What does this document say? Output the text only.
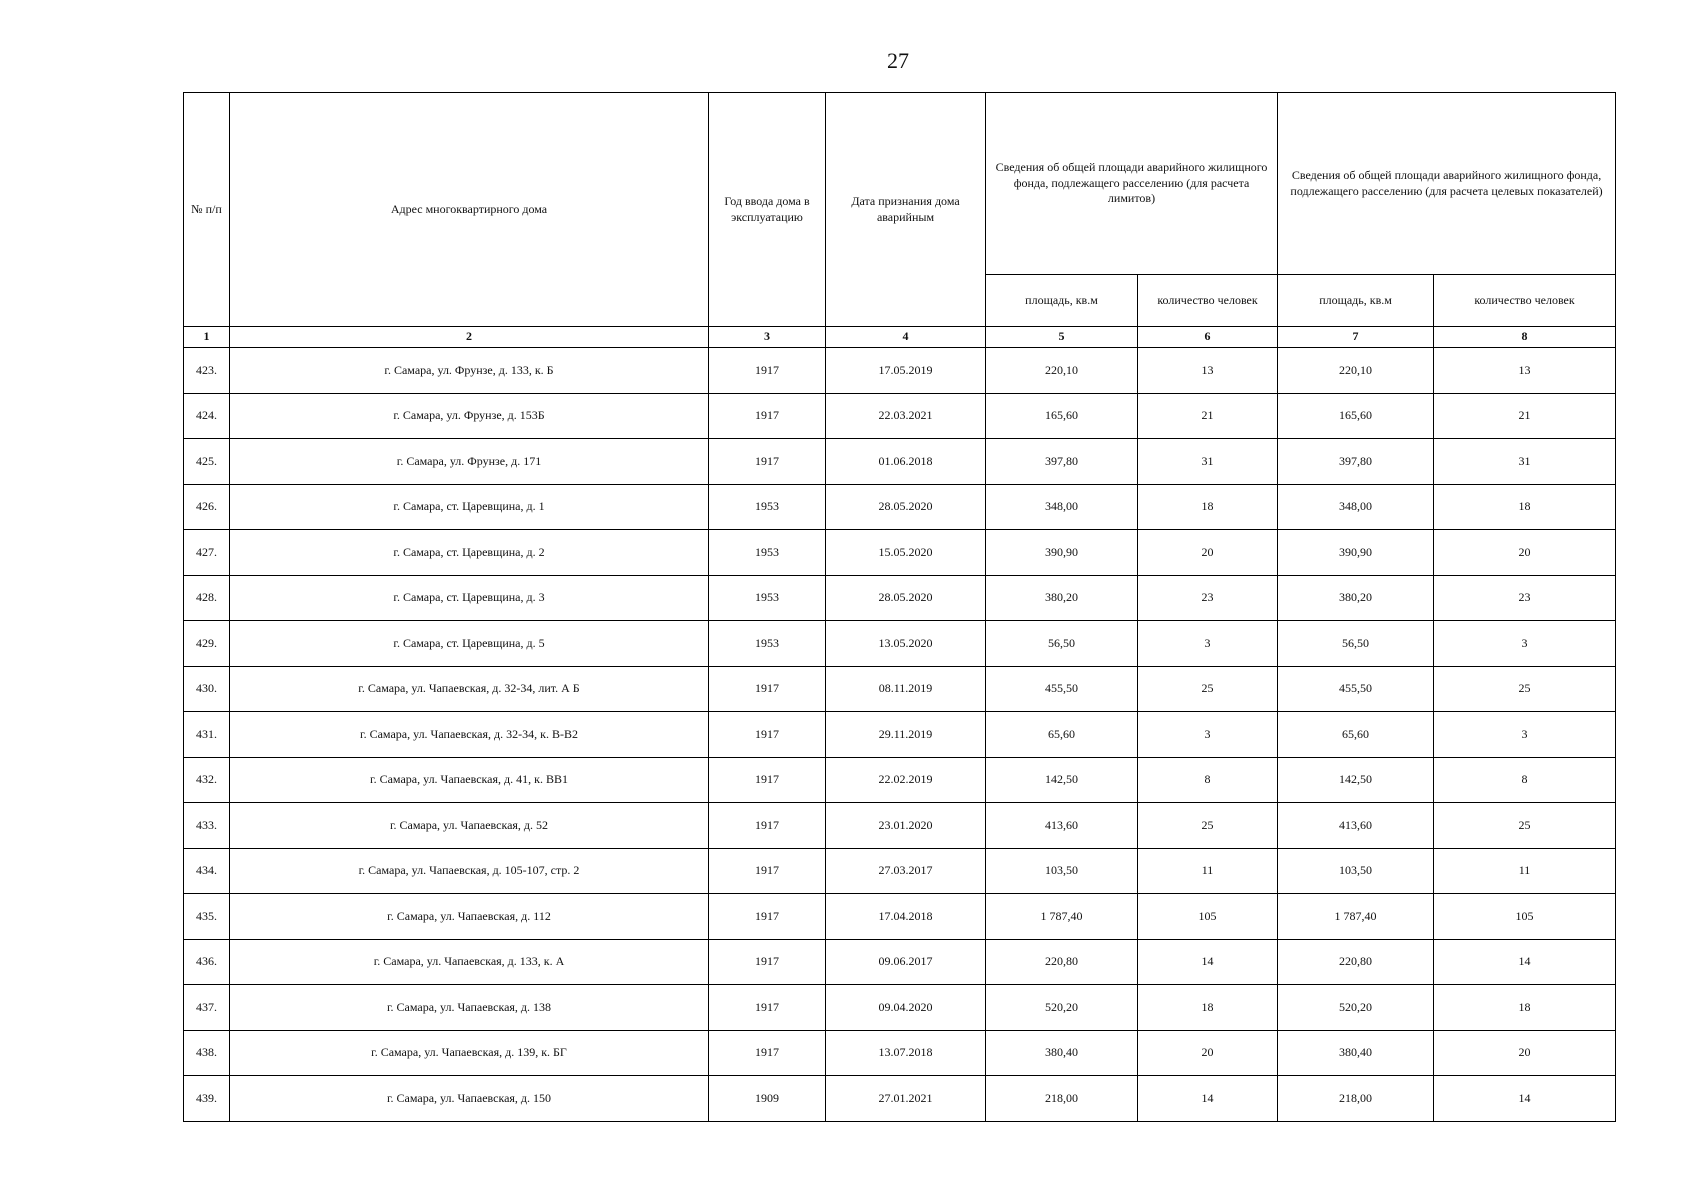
27
№ п/п	Адрес многоквартирного дома	Год ввода дома в эксплуатацию	Дата признания дома аварийным	Сведения об общей площади аварийного жилищного фонда, подлежащего расселению (для расчета лимитов)		Сведения об общей площади аварийного жилищного фонда, подлежащего расселению (для расчета целевых показателей)	
				площадь, кв.м	количество человек	площадь, кв.м	количество человек
1	2	3	4	5	6	7	8
423.	г. Самара, ул. Фрунзе, д. 133, к. Б	1917	17.05.2019	220,10	13	220,10	13
424.	г. Самара, ул. Фрунзе, д. 153Б	1917	22.03.2021	165,60	21	165,60	21
425.	г. Самара, ул. Фрунзе, д. 171	1917	01.06.2018	397,80	31	397,80	31
426.	г. Самара, ст. Царевщина, д. 1	1953	28.05.2020	348,00	18	348,00	18
427.	г. Самара, ст. Царевщина, д. 2	1953	15.05.2020	390,90	20	390,90	20
428.	г. Самара, ст. Царевщина, д. 3	1953	28.05.2020	380,20	23	380,20	23
429.	г. Самара, ст. Царевщина, д. 5	1953	13.05.2020	56,50	3	56,50	3
430.	г. Самара, ул. Чапаевская, д. 32-34, лит. А Б	1917	08.11.2019	455,50	25	455,50	25
431.	г. Самара, ул. Чапаевская, д. 32-34, к. В-В2	1917	29.11.2019	65,60	3	65,60	3
432.	г. Самара, ул. Чапаевская, д. 41, к. ВВ1	1917	22.02.2019	142,50	8	142,50	8
433.	г. Самара, ул. Чапаевская, д. 52	1917	23.01.2020	413,60	25	413,60	25
434.	г. Самара, ул. Чапаевская, д. 105-107, стр. 2	1917	27.03.2017	103,50	11	103,50	11
435.	г. Самара, ул. Чапаевская, д. 112	1917	17.04.2018	1 787,40	105	1 787,40	105
436.	г. Самара, ул. Чапаевская, д. 133, к. А	1917	09.06.2017	220,80	14	220,80	14
437.	г. Самара, ул. Чапаевская, д. 138	1917	09.04.2020	520,20	18	520,20	18
438.	г. Самара, ул. Чапаевская, д. 139, к. БГ	1917	13.07.2018	380,40	20	380,40	20
439.	г. Самара, ул. Чапаевская, д. 150	1909	27.01.2021	218,00	14	218,00	14
